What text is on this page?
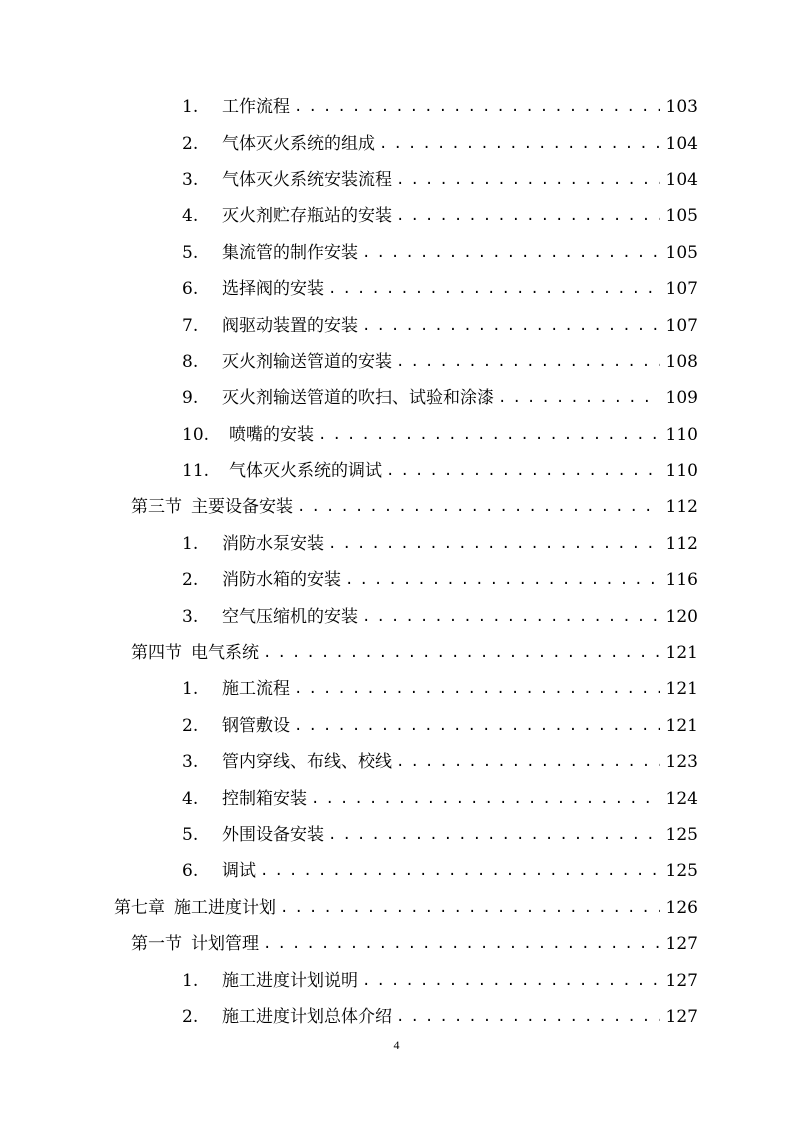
1.	工作流程 . . .	103
2.	气体灭火系统的组成 . . .	104
3.	气体灭火系统安装流程 . . .	104
4.	灭火剂贮存瓶站的安装 . . .	105
5.	集流管的制作安装 . . .	105
6.	选择阀的安装 . . .	107
7.	阀驱动装置的安装 . . .	107
8.	灭火剂输送管道的安装 . . .	108
9.	灭火剂输送管道的吹扫、试验和涂漆 . . .	109
10.	喷嘴的安装 . . .	110
11.	气体灭火系统的调试 . . .	110
第三节 主要设备安装 . . .	112
1.	消防水泵安装 . . .	112
2.	消防水箱的安装 . . .	116
3.	空气压缩机的安装 . . .	120
第四节 电气系统 . . .	121
1.	施工流程 . . .	121
2.	钢管敷设 . . .	121
3.	管内穿线、布线、校线 . . .	123
4.	控制箱安装 . . .	124
5.	外围设备安装 . . .	125
6.	调试 . . .	125
第七章 施工进度计划 . . .	126
第一节 计划管理 . . .	127
1.	施工进度计划说明 . . .	127
2.	施工进度计划总体介绍 . . .	127
4
